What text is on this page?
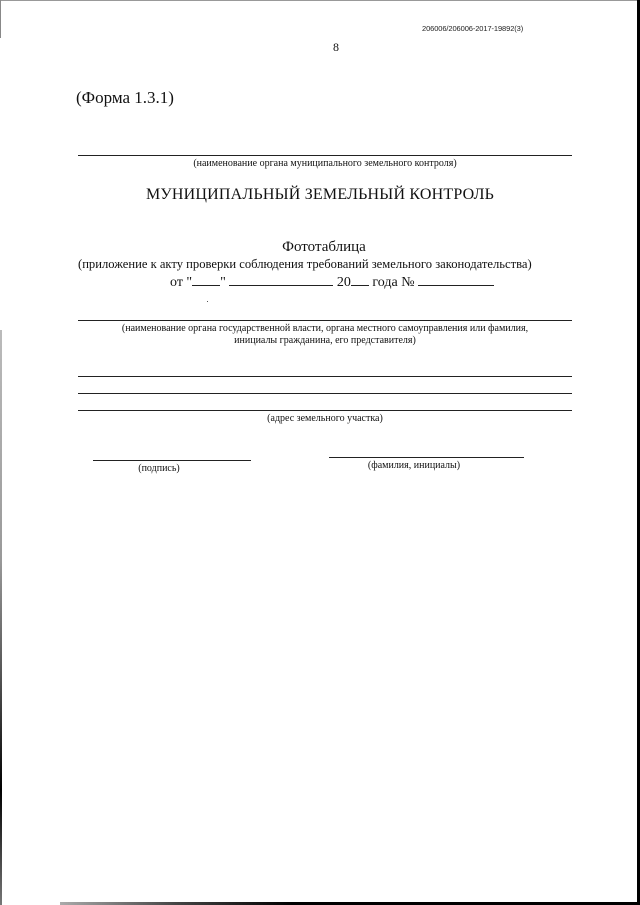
206006/206006-2017-19892(3)
8
(Форма 1.3.1)
(наименование органа муниципального земельного контроля)
МУНИЦИПАЛЬНЫЙ ЗЕМЕЛЬНЫЙ КОНТРОЛЬ
Фототаблица
(приложение к акту проверки соблюдения требований земельного законодательства)
от " "	20 года №
(наименование органа государственной власти, органа местного самоуправления или фамилия,
инициалы гражданина, его представителя)
(адрес земельного участка)
(подпись)	(фамилия, инициалы)
